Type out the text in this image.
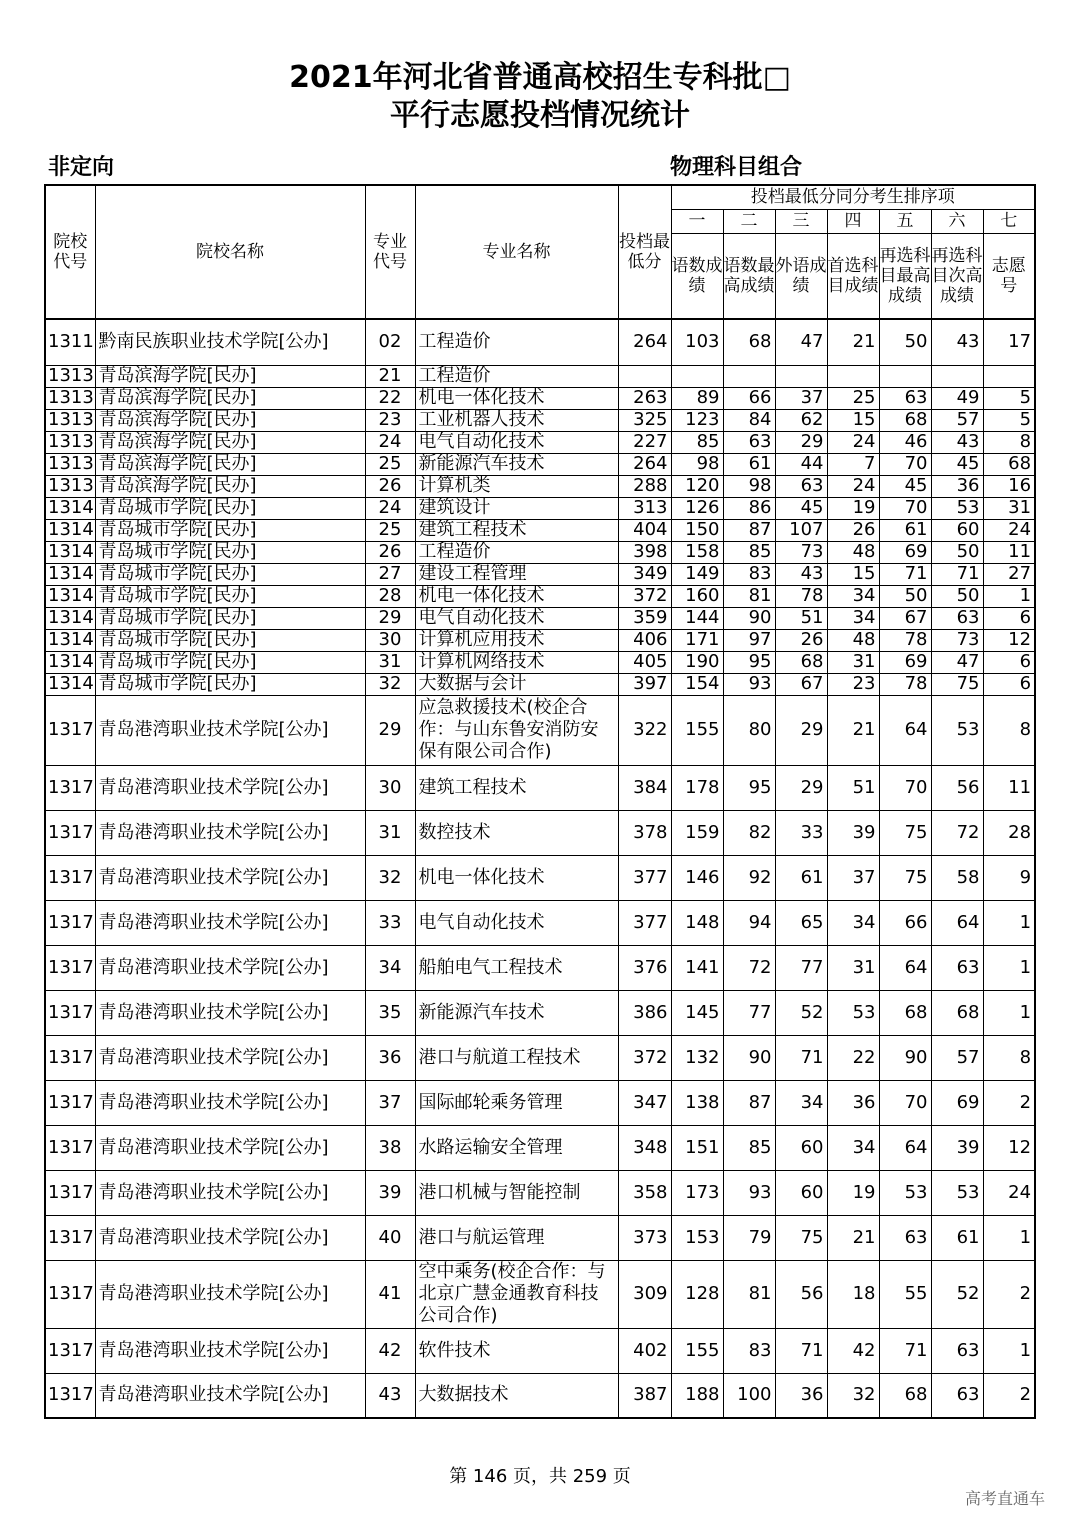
2021年河北省普通高校招生专科批□
平行志愿投档情况统计
非定向	物理科目组合
院校代号	院校名称	专业代号	专业名称	投档最低分	投档最低分同分考生排序项						
					一	二	三	四	五	六	七
					语数成绩	语数最高成绩	外语成绩	首选科目成绩	再选科目最高成绩	再选科目次高成绩	志愿号
1311	黔南民族职业技术学院[公办]	02	工程造价	264	103	68	47	21	50	43	17
1313	青岛滨海学院[民办]	21	工程造价								
1313	青岛滨海学院[民办]	22	机电一体化技术	263	89	66	37	25	63	49	5
1313	青岛滨海学院[民办]	23	工业机器人技术	325	123	84	62	15	68	57	5
1313	青岛滨海学院[民办]	24	电气自动化技术	227	85	63	29	24	46	43	8
1313	青岛滨海学院[民办]	25	新能源汽车技术	264	98	61	44	7	70	45	68
1313	青岛滨海学院[民办]	26	计算机类	288	120	98	63	24	45	36	16
1314	青岛城市学院[民办]	24	建筑设计	313	126	86	45	19	70	53	31
1314	青岛城市学院[民办]	25	建筑工程技术	404	150	87	107	26	61	60	24
1314	青岛城市学院[民办]	26	工程造价	398	158	85	73	48	69	50	11
1314	青岛城市学院[民办]	27	建设工程管理	349	149	83	43	15	71	71	27
1314	青岛城市学院[民办]	28	机电一体化技术	372	160	81	78	34	50	50	1
1314	青岛城市学院[民办]	29	电气自动化技术	359	144	90	51	34	67	63	6
1314	青岛城市学院[民办]	30	计算机应用技术	406	171	97	26	48	78	73	12
1314	青岛城市学院[民办]	31	计算机网络技术	405	190	95	68	31	69	47	6
1314	青岛城市学院[民办]	32	大数据与会计	397	154	93	67	23	78	75	6
1317	青岛港湾职业技术学院[公办]	29	应急救援技术(校企合作：与山东鲁安消防安保有限公司合作)	322	155	80	29	21	64	53	8
1317	青岛港湾职业技术学院[公办]	30	建筑工程技术	384	178	95	29	51	70	56	11
1317	青岛港湾职业技术学院[公办]	31	数控技术	378	159	82	33	39	75	72	28
1317	青岛港湾职业技术学院[公办]	32	机电一体化技术	377	146	92	61	37	75	58	9
1317	青岛港湾职业技术学院[公办]	33	电气自动化技术	377	148	94	65	34	66	64	1
1317	青岛港湾职业技术学院[公办]	34	船舶电气工程技术	376	141	72	77	31	64	63	1
1317	青岛港湾职业技术学院[公办]	35	新能源汽车技术	386	145	77	52	53	68	68	1
1317	青岛港湾职业技术学院[公办]	36	港口与航道工程技术	372	132	90	71	22	90	57	8
1317	青岛港湾职业技术学院[公办]	37	国际邮轮乘务管理	347	138	87	34	36	70	69	2
1317	青岛港湾职业技术学院[公办]	38	水路运输安全管理	348	151	85	60	34	64	39	12
1317	青岛港湾职业技术学院[公办]	39	港口机械与智能控制	358	173	93	60	19	53	53	24
1317	青岛港湾职业技术学院[公办]	40	港口与航运管理	373	153	79	75	21	63	61	1
1317	青岛港湾职业技术学院[公办]	41	空中乘务(校企合作：与北京广慧金通教育科技公司合作)	309	128	81	56	18	55	52	2
1317	青岛港湾职业技术学院[公办]	42	软件技术	402	155	83	71	42	71	63	1
1317	青岛港湾职业技术学院[公办]	43	大数据技术	387	188	100	36	32	68	63	2
第 146 页，共 259 页
高考直通车
